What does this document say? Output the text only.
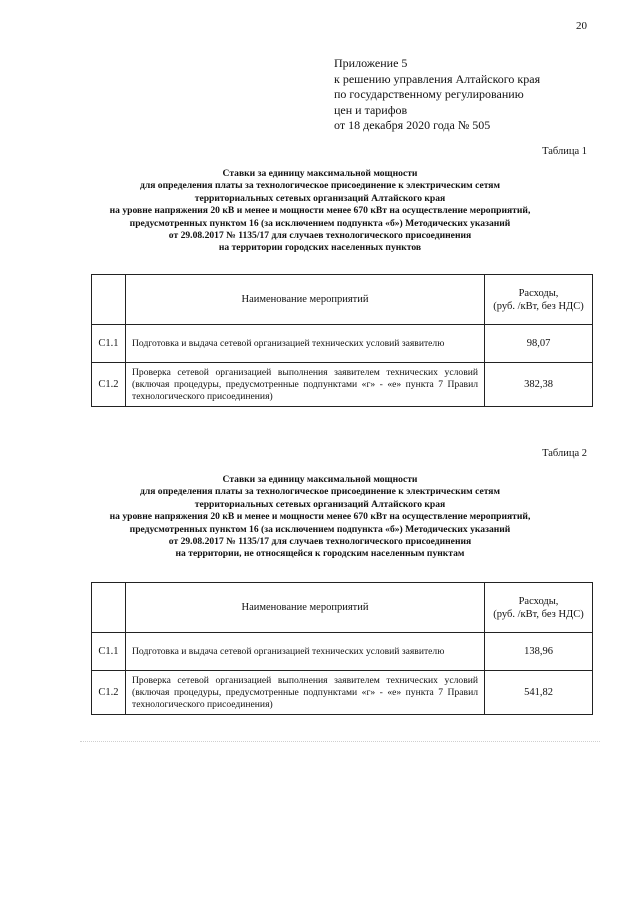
20
Приложение 5
к решению управления Алтайского края
по государственному регулированию
цен и тарифов
от 18 декабря 2020 года № 505
Таблица 1
Ставки за единицу максимальной мощности
для определения платы за технологическое присоединение к электрическим сетям
территориальных сетевых организаций Алтайского края
на уровне напряжения 20 кВ и менее и мощности менее 670 кВт на осуществление мероприятий,
предусмотренных пунктом 16 (за исключением подпункта «б») Методических указаний
от 29.08.2017 № 1135/17 для случаев технологического присоединения
на территории городских населенных пунктов
	Наименование мероприятий	Расходы,
(руб. /кВт, без НДС)

С1.1	Подготовка и выдача сетевой организацией технических условий заявителю	98,07
С1.2	Проверка сетевой организацией выполнения заявителем технических условий (включая процедуры, предусмотренные подпунктами «г» - «е» пункта 7 Правил технологического присоединения)	382,38
Таблица 2
Ставки за единицу максимальной мощности
для определения платы за технологическое присоединение к электрическим сетям
территориальных сетевых организаций Алтайского края
на уровне напряжения 20 кВ и менее и мощности менее 670 кВт на осуществление мероприятий,
предусмотренных пунктом 16 (за исключением подпункта «б») Методических указаний
от 29.08.2017 № 1135/17 для случаев технологического присоединения
на территории, не относящейся к городским населенным пунктам
	Наименование мероприятий	Расходы,
(руб. /кВт, без НДС)

С1.1	Подготовка и выдача сетевой организацией технических условий заявителю	138,96
С1.2	Проверка сетевой организацией выполнения заявителем технических условий (включая процедуры, предусмотренные подпунктами «г» - «е» пункта 7 Правил технологического присоединения)	541,82
